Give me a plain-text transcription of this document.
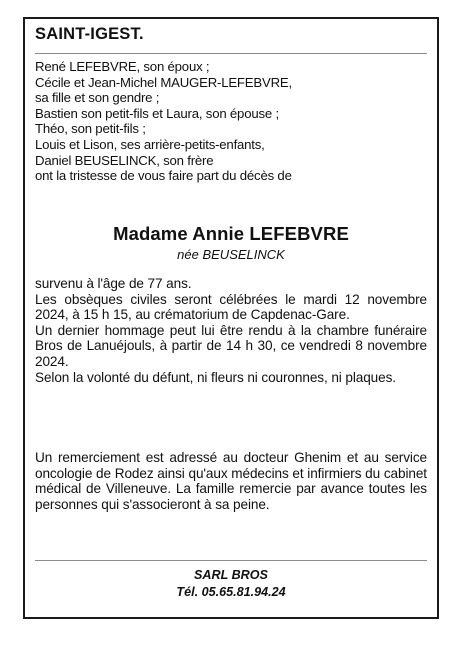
SAINT-IGEST.
René LEFEBVRE, son époux ;
Cécile et Jean-Michel MAUGER-LEFEBVRE,
sa fille et son gendre ;
Bastien son petit-fils et Laura, son épouse ;
Théo, son petit-fils ;
Louis et Lison, ses arrière-petits-enfants,
Daniel BEUSELINCK, son frère
ont la tristesse de vous faire part du décès de
Madame Annie LEFEBVRE
née BEUSELINCK

survenu à l'âge de 77 ans.

Les obsèques civiles seront célébrées le mardi 12 novembre 2024, à 15 h 15, au crématorium de Capdenac-Gare.

Un dernier hommage peut lui être rendu à la chambre funéraire Bros de Lanuéjouls, à partir de 14 h 30, ce vendredi 8 novembre 2024.

Selon la volonté du défunt, ni fleurs ni couronnes, ni plaques.

Un remerciement est adressé au docteur Ghenim et au service oncologie de Rodez ainsi qu'aux médecins et infirmiers du cabinet médical de Villeneuve. La famille remercie par avance toutes les personnes qui s'associeront à sa peine.
SARL BROS
Tél. 05.65.81.94.24
